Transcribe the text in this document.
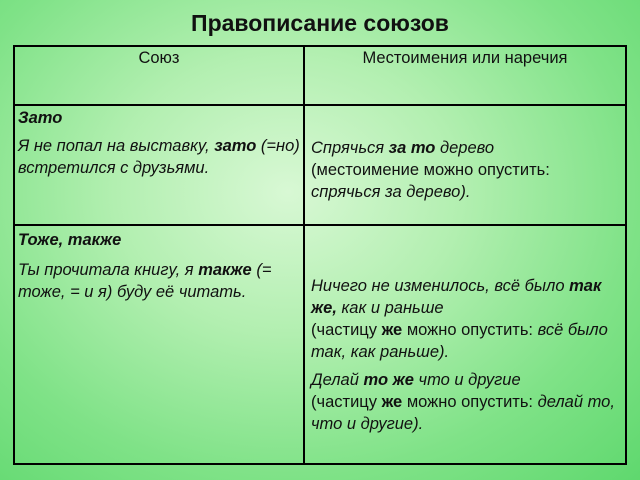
Правописание союзов
Союз	Местоимения или наречия

Зато

Я не попал на выставку, зато (=но) встретился с друзьями.

Спрячься за то дерево
(местоимение можно опустить: спрячься за дерево).

Тоже, также

Ты прочитала книгу, я также (= тоже, = и я) буду её читать.	Ничего не изменилось, всё было так же, как и раньше
(частицу же можно опустить: всё было так, как раньше).

Делай то же что и другие
(частицу же можно опустить: делай то, что и другие).
